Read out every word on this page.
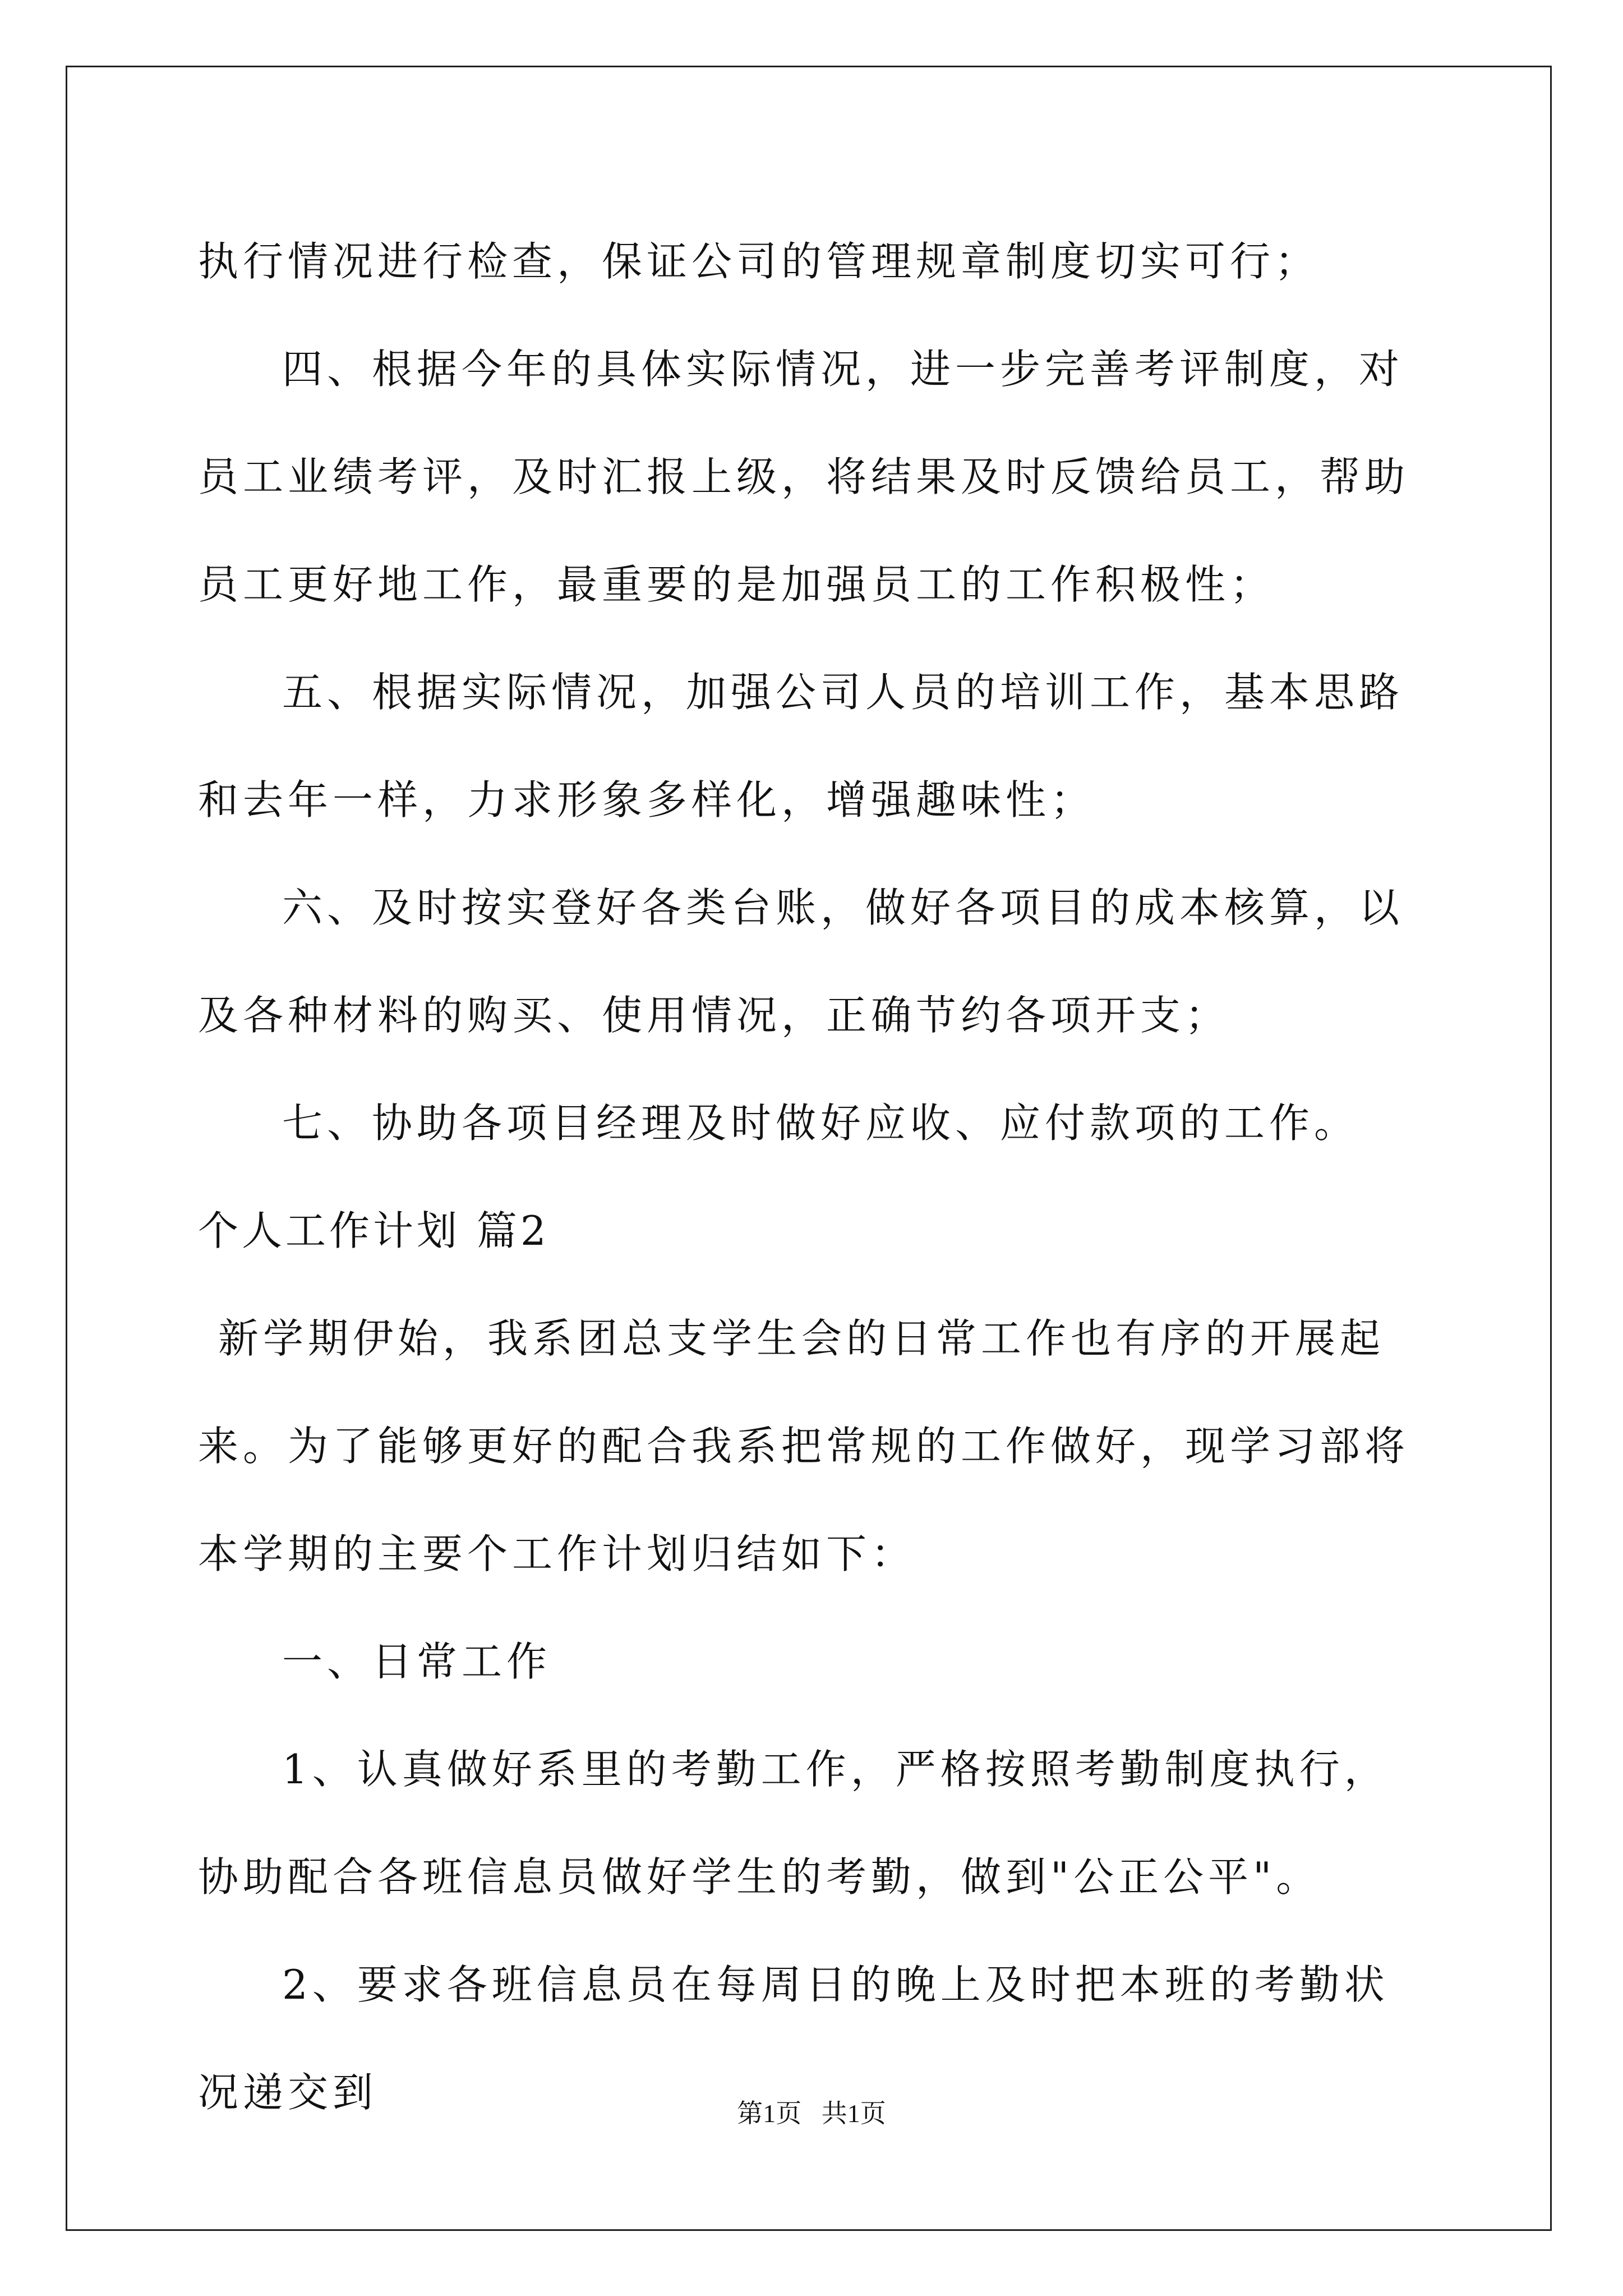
执行情况进行检查，保证公司的管理规章制度切实可行；

四、根据今年的具体实际情况，进一步完善考评制度，对员工业绩考评，及时汇报上级，将结果及时反馈给员工，帮助员工更好地工作，最重要的是加强员工的工作积极性；

五、根据实际情况，加强公司人员的培训工作，基本思路和去年一样，力求形象多样化，增强趣味性；

六、及时按实登好各类台账，做好各项目的成本核算，以及各种材料的购买、使用情况，正确节约各项开支；

七、协助各项目经理及时做好应收、应付款项的工作。

个人工作计划 篇2

新学期伊始，我系团总支学生会的日常工作也有序的开展起来。为了能够更好的配合我系把常规的工作做好，现学习部将本学期的主要个工作计划归结如下：

一、日常工作

1、认真做好系里的考勤工作，严格按照考勤制度执行，协助配合各班信息员做好学生的考勤，做到"公正公平"。

2、要求各班信息员在每周日的晚上及时把本班的考勤状况递交到	第1页 共1页
